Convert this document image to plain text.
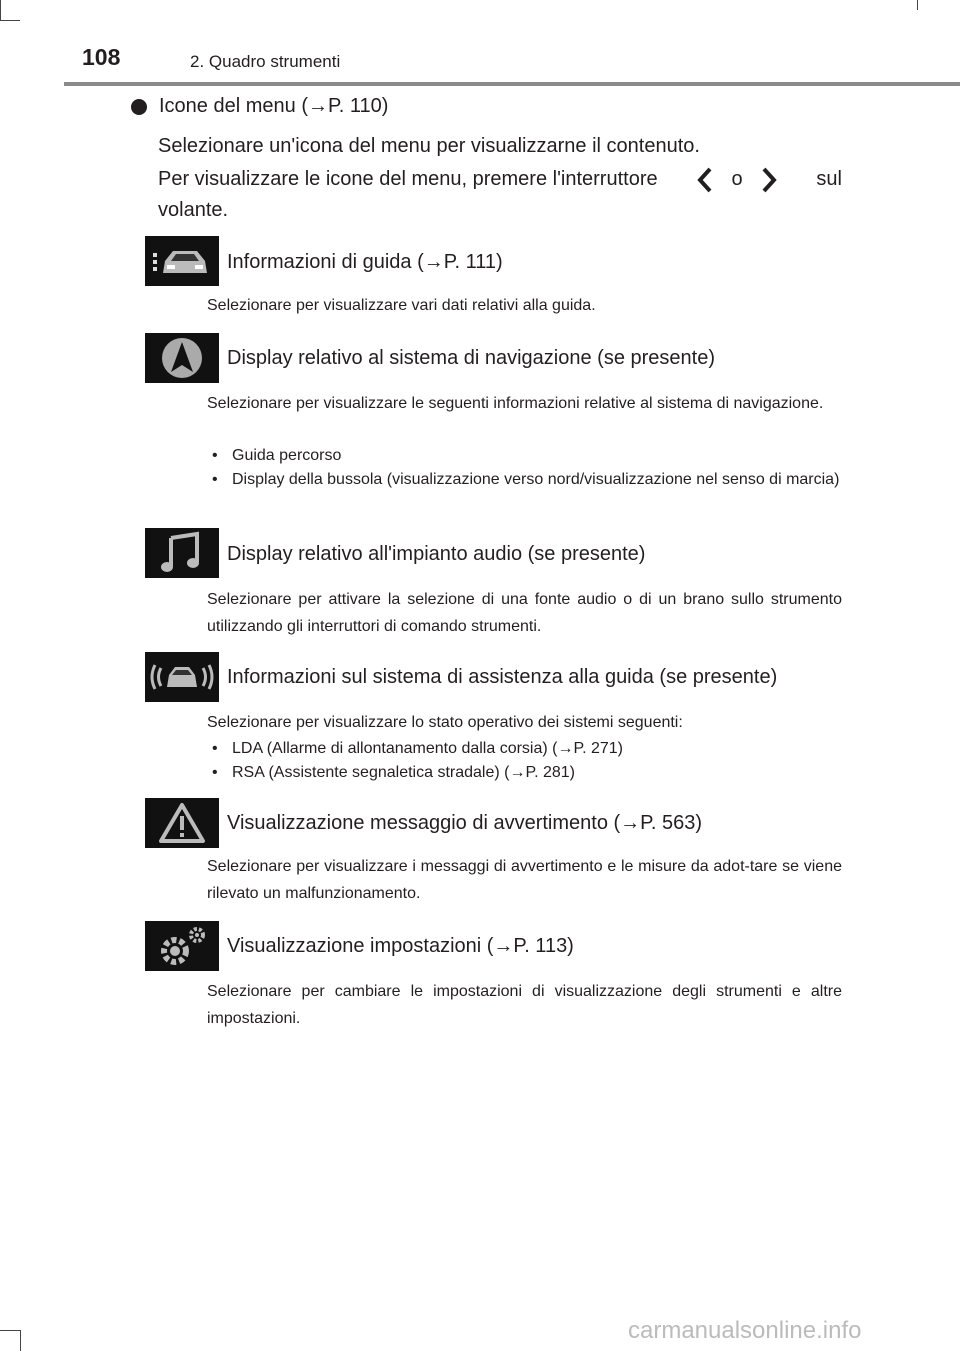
108	2. Quadro strumenti
Icone del menu (→P. 110)
Selezionare un'icona del menu per visualizzarne il contenuto.
Per visualizzare le icone del menu, premere l'interruttore	o	sul
volante.
Informazioni di guida (→P. 111)
Selezionare per visualizzare vari dati relativi alla guida.
Display relativo al sistema di navigazione (se presente)
Selezionare per visualizzare le seguenti informazioni relative al sistema di navigazione.
• Guida percorso
• Display della bussola (visualizzazione verso nord/visualizzazione nel senso di marcia)
Display relativo all'impianto audio (se presente)
Selezionare per attivare la selezione di una fonte audio o di un brano sullo strumento utilizzando gli interruttori di comando strumenti.
Informazioni sul sistema di assistenza alla guida (se presente)
Selezionare per visualizzare lo stato operativo dei sistemi seguenti:
• LDA (Allarme di allontanamento dalla corsia) (→P. 271)
• RSA (Assistente segnaletica stradale) (→P. 281)
Visualizzazione messaggio di avvertimento (→P. 563)
Selezionare per visualizzare i messaggi di avvertimento e le misure da adot-tare se viene rilevato un malfunzionamento.
Visualizzazione impostazioni (→P. 113)
Selezionare per cambiare le impostazioni di visualizzazione degli strumenti e altre impostazioni.
carmanualsonline.info
